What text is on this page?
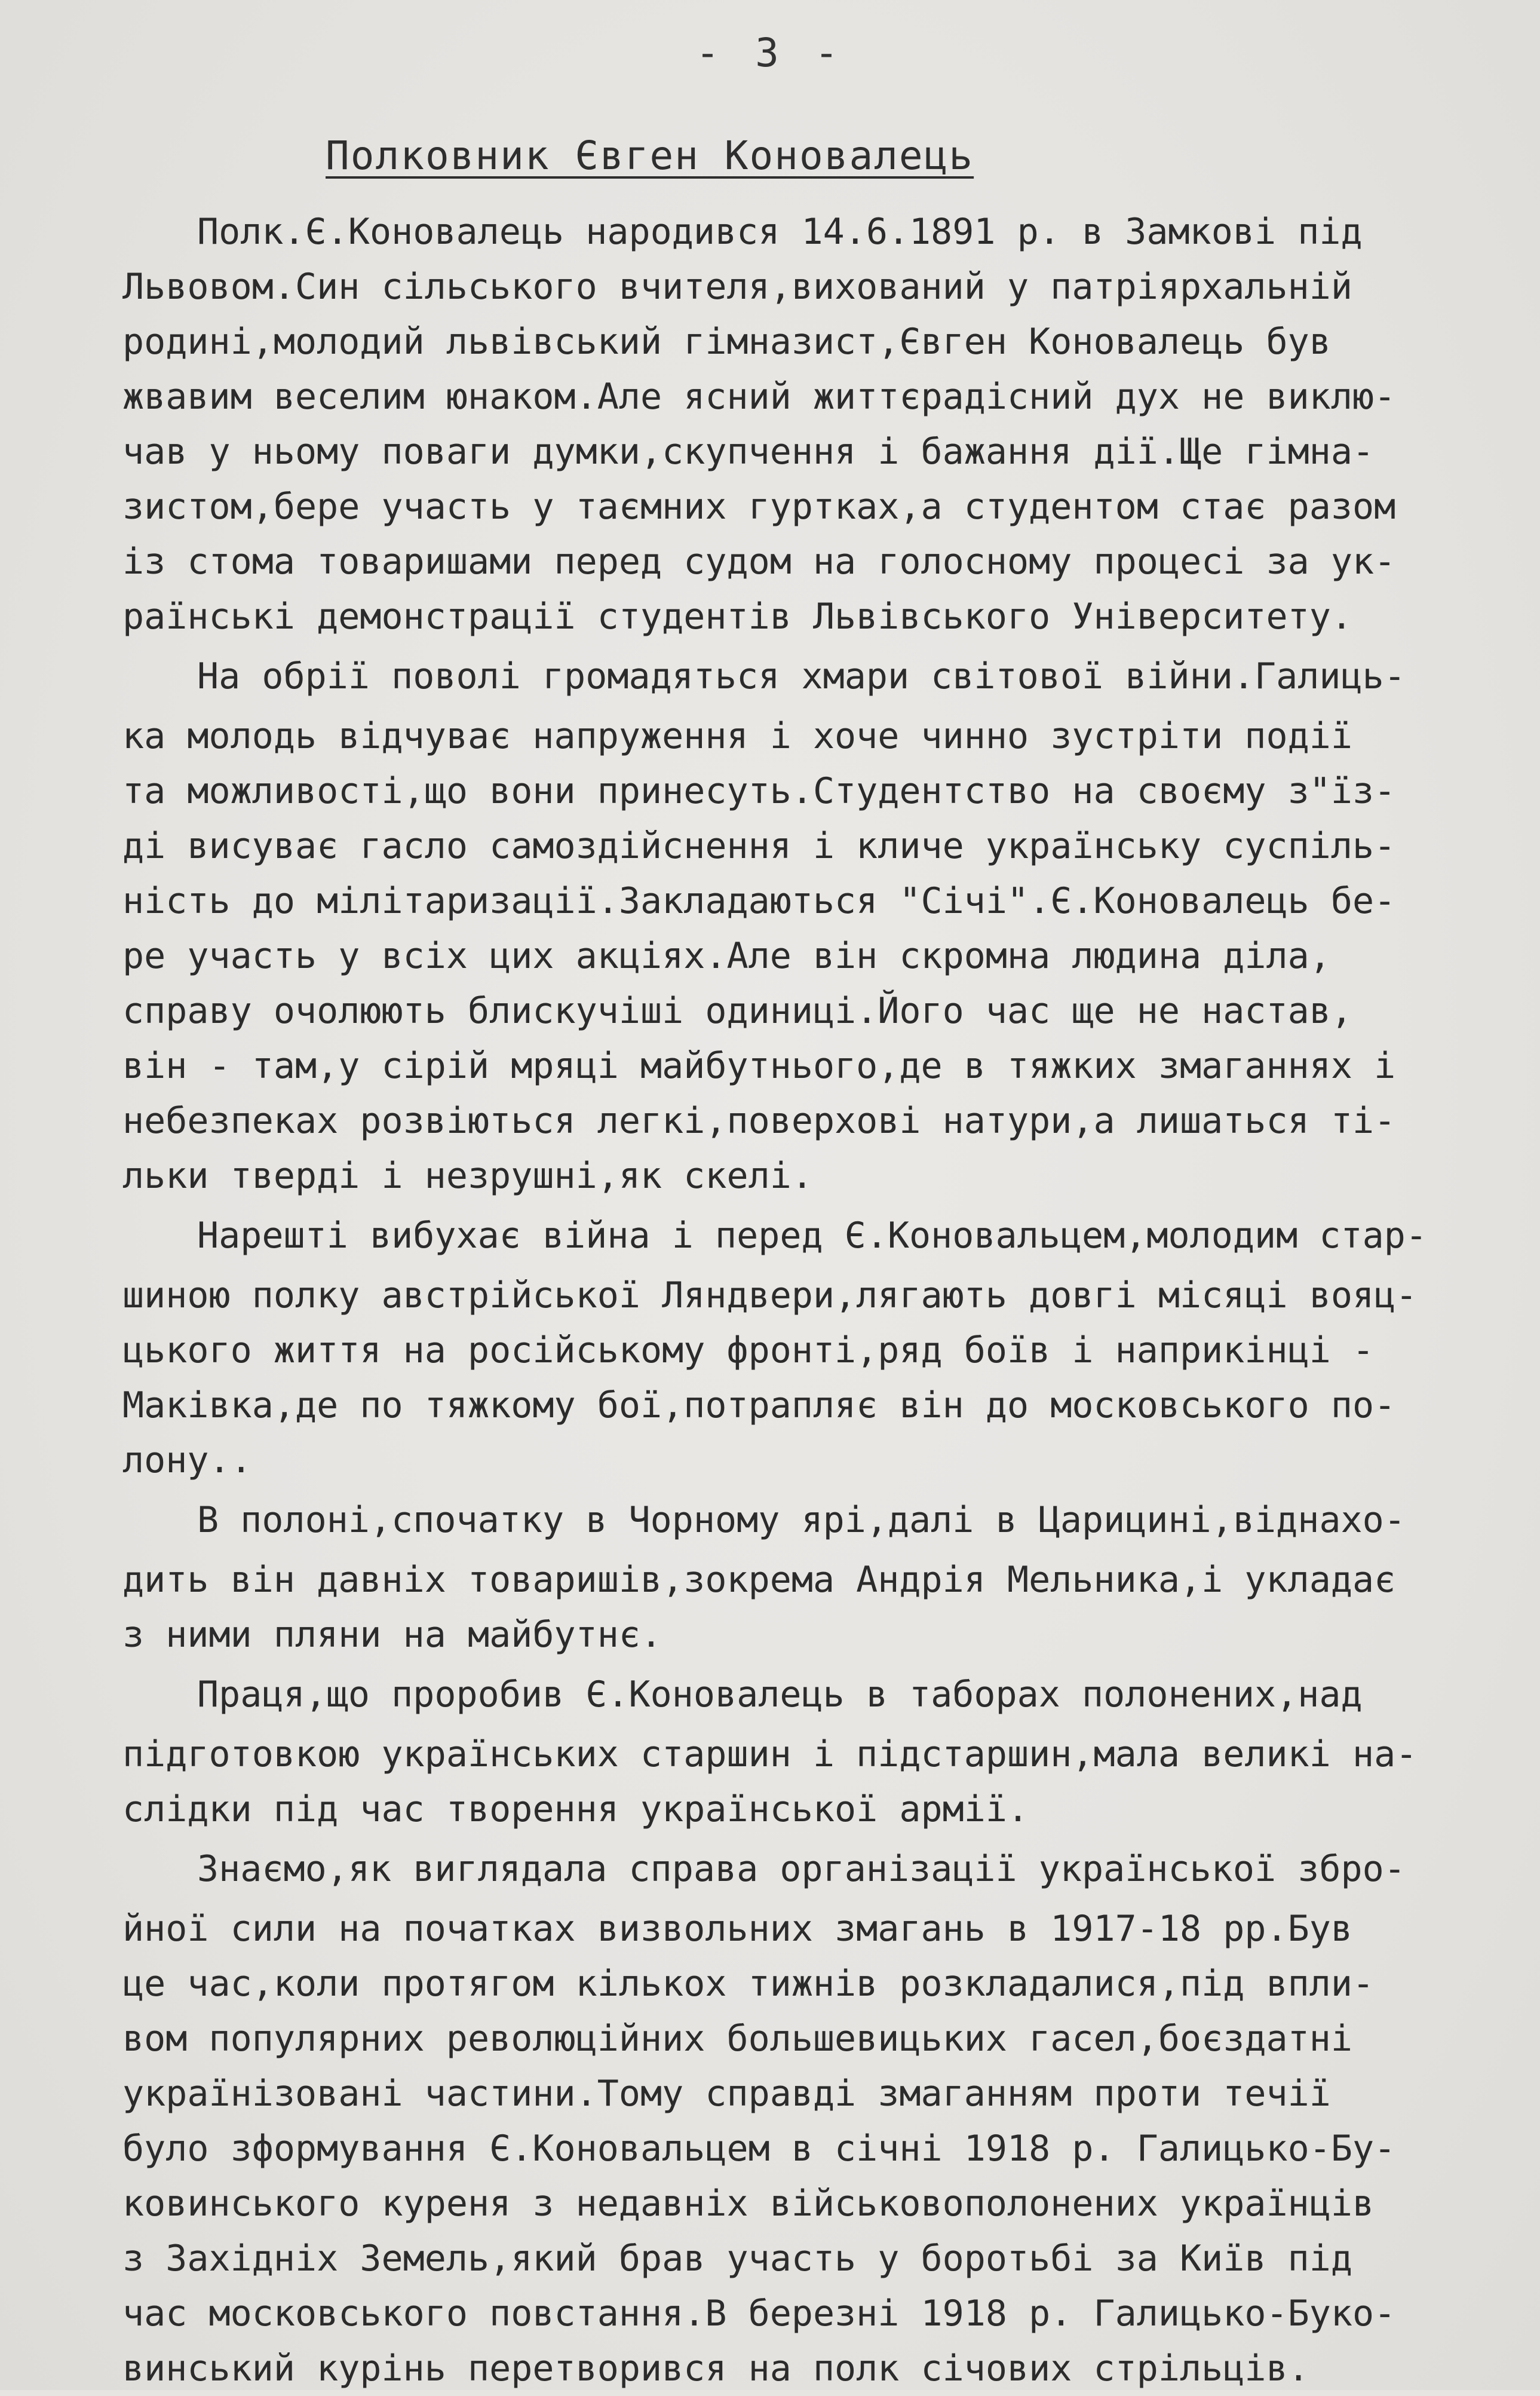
- 3 -
Полковник Євген Коновалець
Полк.Є.Коновалець народився 14.6.1891 р. в Замкові під
Львовом.Син сільського вчителя,вихований у патріярхальній
родині,молодий львівський гімназист,Євген Коновалець був
жвавим веселим юнаком.Але ясний життєрадісний дух не виклю-
чав у ньому поваги думки,скупчення і бажання дії.Ще гімна-
зистом,бере участь у таємних гуртках,а студентом стає разом
із стома товаришами перед судом на голосному процесі за ук-
раїнські демонстрації студентів Львівського Університету.
На обрії поволі громадяться хмари світової війни.Галиць-
ка молодь відчуває напруження і хоче чинно зустріти події
та можливості,що вони принесуть.Студентство на своєму з"їз-
ді висуває гасло самоздійснення і кличе українську суспіль-
ність до мілітаризації.Закладаються "Січі".Є.Коновалець бе-
ре участь у всіх цих акціях.Але він скромна людина діла,
справу очолюють блискучіші одиниці.Його час ще не настав,
він - там,у сірій мряці майбутнього,де в тяжких змаганнях і
небезпеках розвіються легкі,поверхові натури,а лишаться ті-
льки тверді і незрушні,як скелі.
Нарешті вибухає війна і перед Є.Коновальцем,молодим стар-
шиною полку австрійської Ляндвери,лягають довгі місяці вояц-
цького життя на російському фронті,ряд боїв і наприкінці -
Маківка,де по тяжкому бої,потрапляє він до московського по-
лону..
В полоні,спочатку в Чорному ярі,далі в Царицині,віднахо-
дить він давніх товаришів,зокрема Андрія Мельника,і укладає
з ними пляни на майбутнє.
Праця,що проробив Є.Коновалець в таборах полонених,над
підготовкою українських старшин і підстаршин,мала великі на-
слідки під час творення української армії.
Знаємо,як виглядала справа організації української збро-
йної сили на початках визвольних змагань в 1917-18 рр.Був
це час,коли протягом кількох тижнів розкладалися,під впли-
вом популярних революційних большевицьких гасел,боєздатні
українізовані частини.Тому справді змаганням проти течії
було зформування Є.Коновальцем в січні 1918 р. Галицько-Бу-
ковинського куреня з недавніх військовополонених українців
з Західніх Земель,який брав участь у боротьбі за Київ під
час московського повстання.В березні 1918 р. Галицько-Буко-
винський курінь перетворився на полк січових стрільців.
